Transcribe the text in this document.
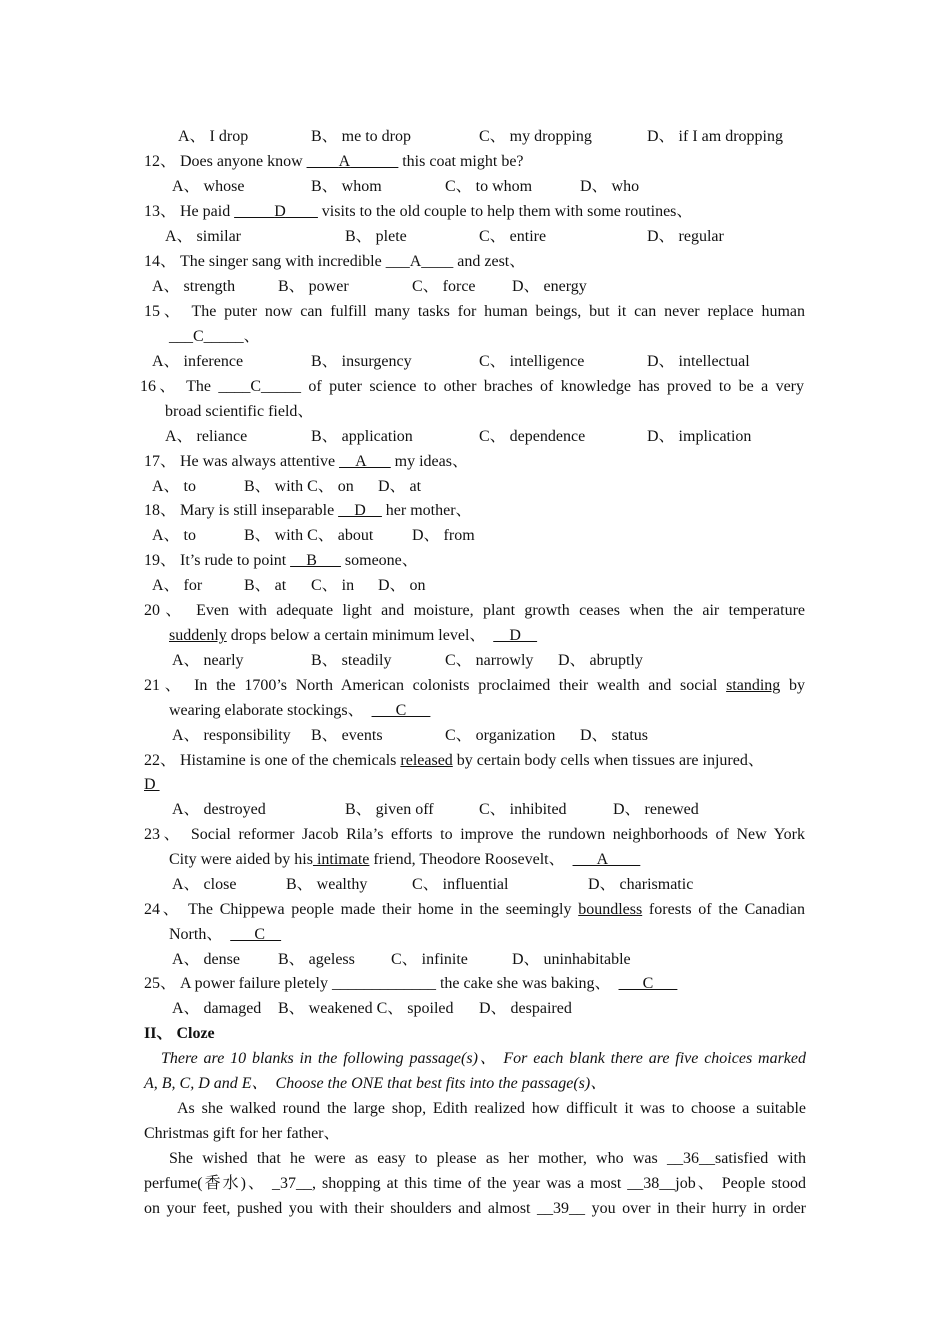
A、 I drop	B、 me to drop	C、 my dropping	D、 if I am dropping
12、 Does anyone know ____A______ this coat might be?
A、 whose	B、 whom	C、 to whom	D、 who
13、 He paid _____D____ visits to the old couple to help them with some routines、
A、 similar	B、 plete	C、 entire	D、 regular
14、 The singer sang with incredible ___A____ and zest、
A、 strength	B、 power	C、 force D、 energy
15、 The puter now can fulfill many tasks for human beings, but it can never replace human
___C_____、
A、 inference	B、 insurgency	C、 intelligence	D、 intellectual
16、 The ____C_____ of puter science to other braches of knowledge has proved to be a very
broad scientific field、
A、 reliance	B、 application	C、 dependence	D、 implication
17、 He was always attentive __A___ my ideas、
A、 to	B、 with C、 on D、 at
18、 Mary is still inseparable __D__ her mother、
A、 to	B、 with C、 about D、 from
19、 It’s rude to point __B___ someone、
A、 for	B、 at C、 in D、 on
20、 Even with adequate light and moisture, plant growth ceases when the air temperature
suddenly drops below a certain minimum level、  __D__
A、 nearly	B、 steadily	C、 narrowly D、 abruptly
21、 In the 1700’s North American colonists proclaimed their wealth and social standing by
wearing elaborate stockings、  ___C___
A、 responsibility B、 events	C、 organization D、 status
22、 Histamine is one of the chemicals released by certain body cells when tissues are injured、
D
A、 destroyed	B、 given off	C、 inhibited	D、 renewed
23、 Social reformer Jacob Rila’s efforts to improve the rundown neighborhoods of New York
City were aided by his intimate friend, Theodore Roosevelt、  ___A____
A、 close	B、 wealthy	C、 influential	D、 charismatic
24、 The Chippewa people made their home in the seemingly boundless forests of the Canadian
North、  ___C__
A、 dense B、 ageless C、 infinite	D、 uninhabitable
25、 A power failure pletely _____________ the cake she was baking、  ___C___
A、 damaged B、 weakened C、 spoiled D、 despaired
II、 Cloze
There are 10 blanks in the following passage(s)、 For each blank there are five choices marked
A, B, C, D and E、  Choose the ONE that best fits into the passage(s)、
As she walked round the large shop, Edith realized how difficult it was to choose a suitable
Christmas gift for her father、
She wished that he were as easy to please as her mother, who was __36__satisfied with
perfume(香水)、 _37__, shopping at this time of the year was a most __38__job、 People stood
on your feet, pushed you with their shoulders and almost __39__ you over in their hurry in order
